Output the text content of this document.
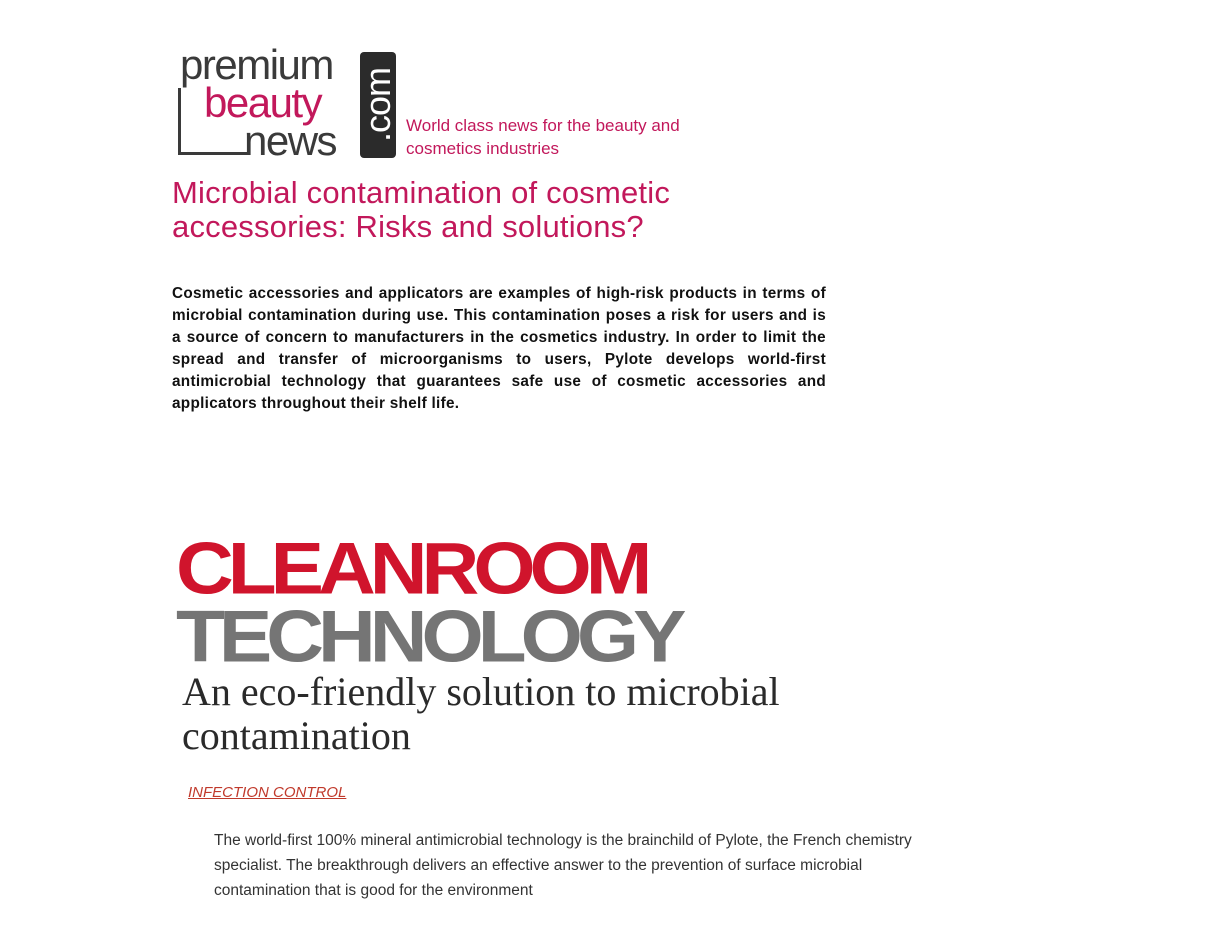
premium
beauty
news .com World class news for the beauty and cosmetics industries
Microbial contamination of cosmetic accessories: Risks and solutions?

Cosmetic accessories and applicators are examples of high-risk products in terms of microbial contamination during use. This contamination poses a risk for users and is a source of concern to manufacturers in the cosmetics industry. In order to limit the spread and transfer of microorganisms to users, Pylote develops world-first antimicrobial technology that guarantees safe use of cosmetic accessories and applicators throughout their shelf life.

CLEANROOM
TECHNOLOGY
An eco-friendly solution to microbial contamination
INFECTION CONTROL

The world-first 100% mineral antimicrobial technology is the brainchild of Pylote, the French chemistry specialist. The breakthrough delivers an effective answer to the prevention of surface microbial contamination that is good for the environment
